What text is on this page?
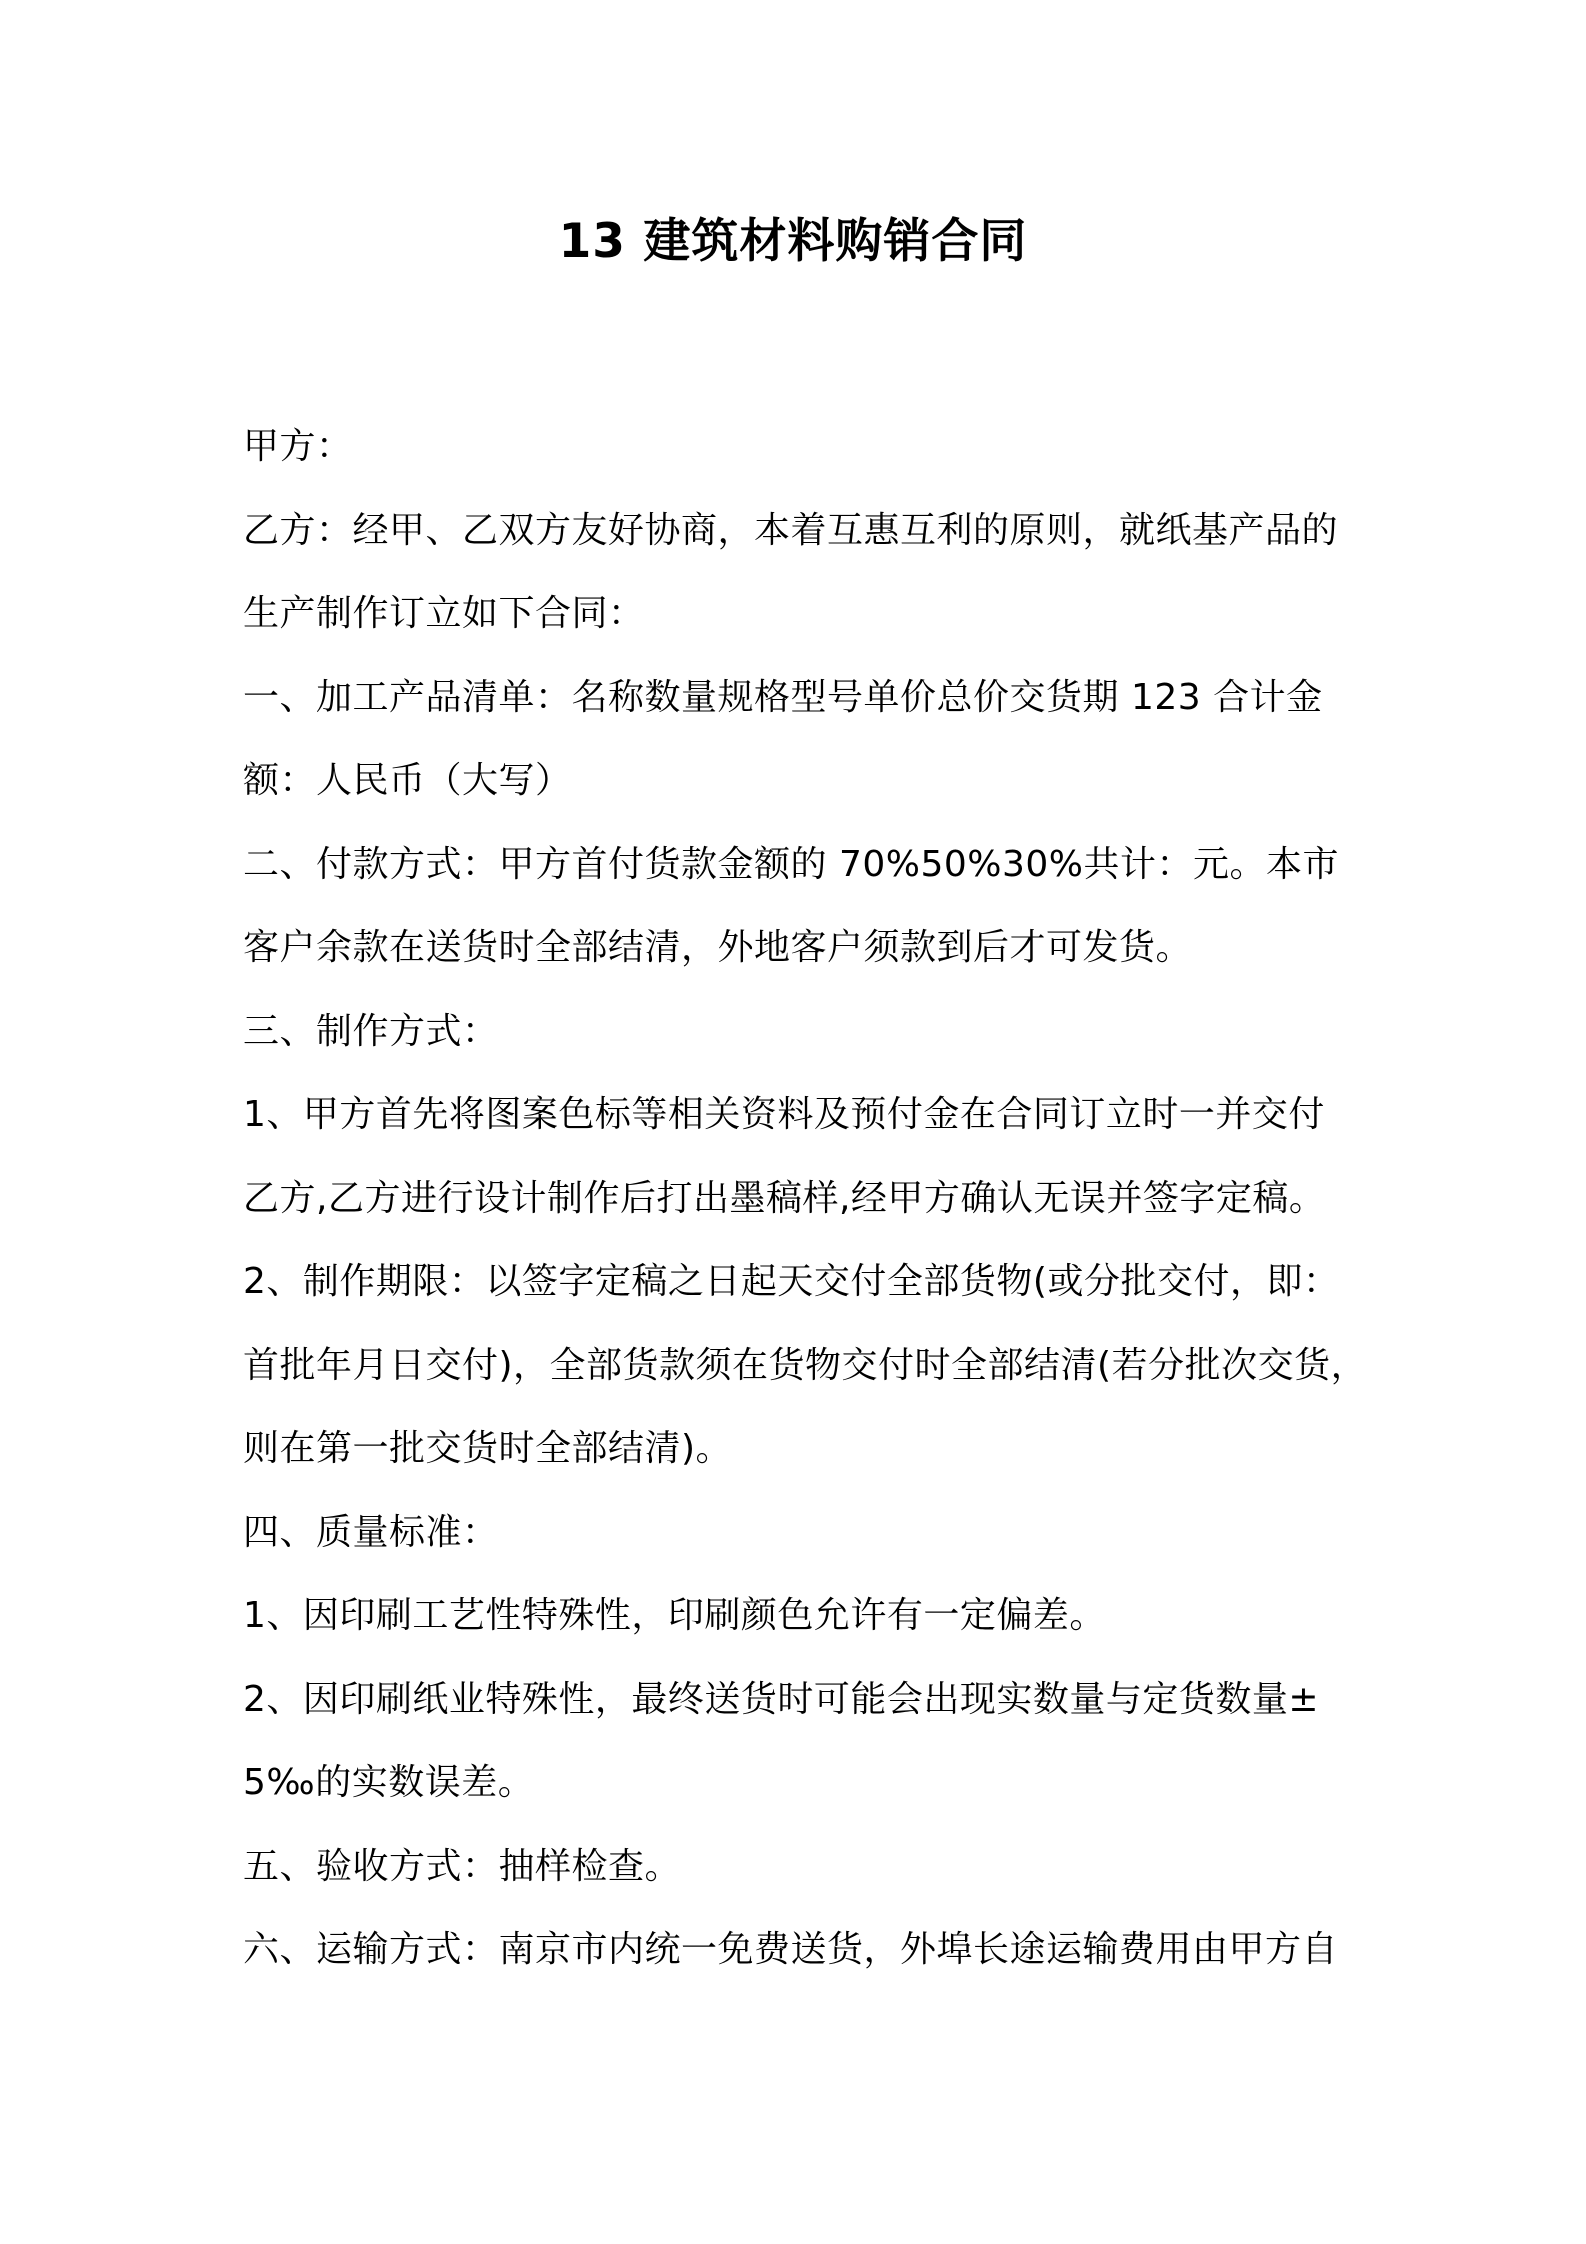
13 建筑材料购销合同
甲方：
乙方：经甲、乙双方友好协商，本着互惠互利的原则，就纸基产品的
生产制作订立如下合同：
一、加工产品清单：名称数量规格型号单价总价交货期 123 合计金
额：人民币（大写）
二、付款方式：甲方首付货款金额的 70%50%30%共计：元。本市
客户余款在送货时全部结清，外地客户须款到后才可发货。
三、制作方式：
1、甲方首先将图案色标等相关资料及预付金在合同订立时一并交付
乙方,乙方进行设计制作后打出墨稿样,经甲方确认无误并签字定稿。
2、制作期限：以签字定稿之日起天交付全部货物(或分批交付，即：
首批年月日交付)，全部货款须在货物交付时全部结清(若分批次交货，
则在第一批交货时全部结清)。
四、质量标准：
1、因印刷工艺性特殊性，印刷颜色允许有一定偏差。
2、因印刷纸业特殊性，最终送货时可能会出现实数量与定货数量±
5‰的实数误差。
五、验收方式：抽样检查。
六、运输方式：南京市内统一免费送货，外埠长途运输费用由甲方自
